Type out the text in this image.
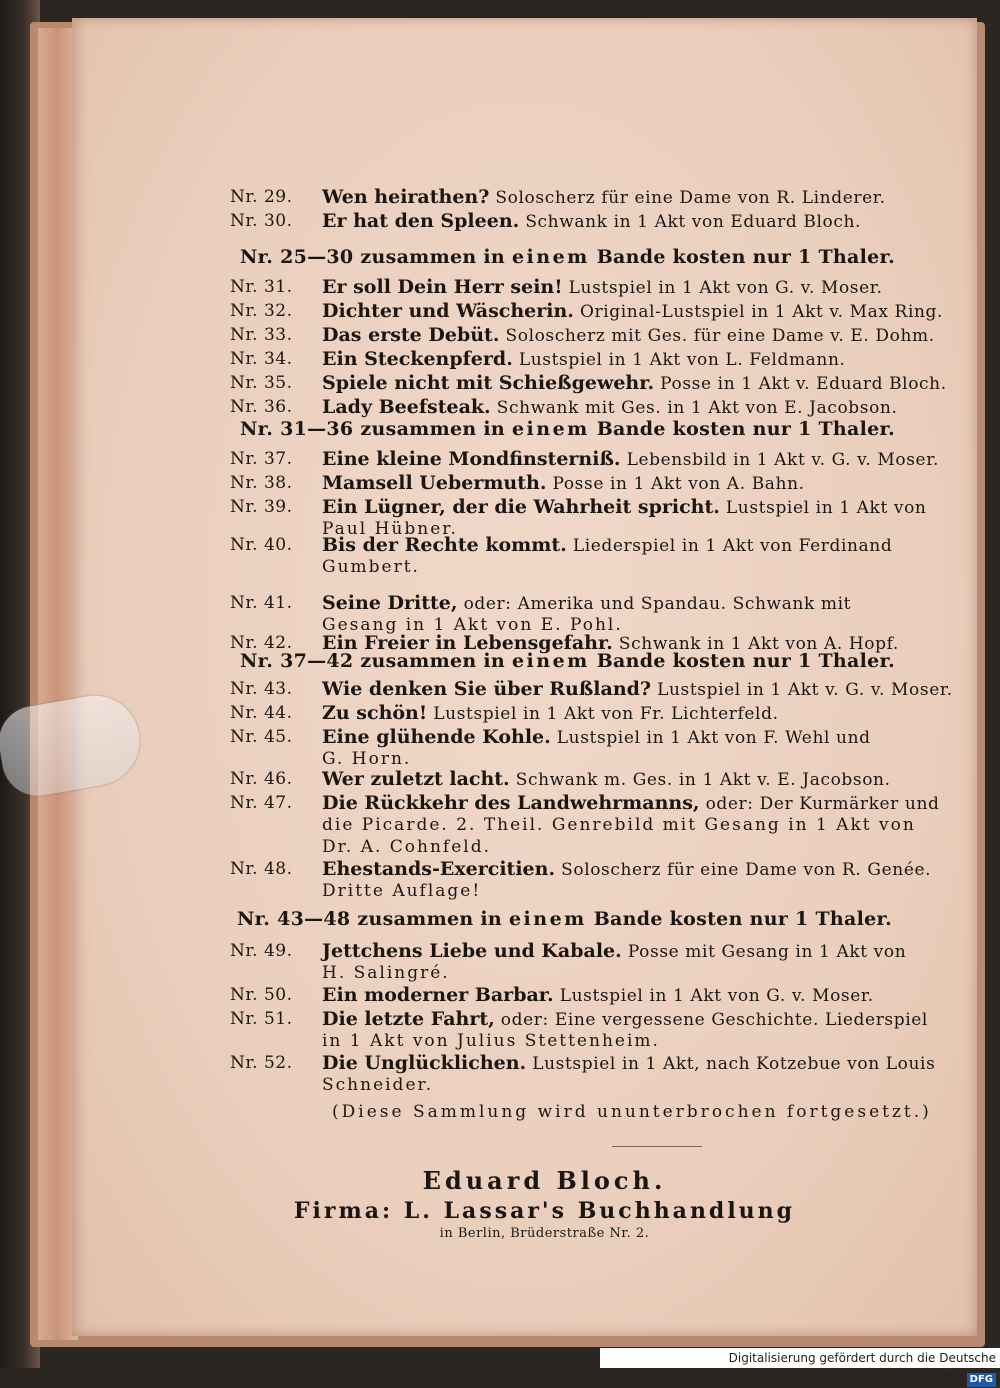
Nr. 29.	Wen heirathen? Soloscherz für eine Dame von R. Linderer.
Nr. 30.	Er hat den Spleen. Schwank in 1 Akt von Eduard Bloch.
Nr. 31.	Er soll Dein Herr sein! Lustspiel in 1 Akt von G. v. Moser.
Nr. 32.	Dichter und Wäscherin. Original-Lustspiel in 1 Akt v. Max Ring.
Nr. 33.	Das erste Debüt. Soloscherz mit Ges. für eine Dame v. E. Dohm.
Nr. 34.	Ein Steckenpferd. Lustspiel in 1 Akt von L. Feldmann.
Nr. 35.	Spiele nicht mit Schießgewehr. Posse in 1 Akt v. Eduard Bloch.
Nr. 36.	Lady Beefsteak. Schwank mit Ges. in 1 Akt von E. Jacobson.
Nr. 37.	Eine kleine Mondfinsterniß. Lebensbild in 1 Akt v. G. v. Moser.
Nr. 38.	Mamsell Uebermuth. Posse in 1 Akt von A. Bahn.
Nr. 39.	Ein Lügner, der die Wahrheit spricht. Lustspiel in 1 Akt von
Paul Hübner.
Nr. 40.	Bis der Rechte kommt. Liederspiel in 1 Akt von Ferdinand
Gumbert.
Nr. 41.	Seine Dritte, oder: Amerika und Spandau. Schwank mit
Gesang in 1 Akt von E. Pohl.
Nr. 42.	Ein Freier in Lebensgefahr. Schwank in 1 Akt von A. Hopf.
Nr. 43.	Wie denken Sie über Rußland? Lustspiel in 1 Akt v. G. v. Moser.
Nr. 44.	Zu schön! Lustspiel in 1 Akt von Fr. Lichterfeld.
Nr. 45.	Eine glühende Kohle. Lustspiel in 1 Akt von F. Wehl und
G. Horn.
Nr. 46.	Wer zuletzt lacht. Schwank m. Ges. in 1 Akt v. E. Jacobson.
Nr. 47.	Die Rückkehr des Landwehrmanns, oder: Der Kurmärker und
die Picarde. 2. Theil. Genrebild mit Gesang in 1 Akt von
Dr. A. Cohnfeld.
Nr. 48.	Ehestands-Exercitien. Soloscherz für eine Dame von R. Genée.
Dritte Auflage!
Nr. 49.	Jettchens Liebe und Kabale. Posse mit Gesang in 1 Akt von
H. Salingré.
Nr. 50.	Ein moderner Barbar. Lustspiel in 1 Akt von G. v. Moser.
Nr. 51.	Die letzte Fahrt, oder: Eine vergessene Geschichte. Liederspiel
in 1 Akt von Julius Stettenheim.
Nr. 52.	Die Unglücklichen. Lustspiel in 1 Akt, nach Kotzebue von Louis
Schneider.
Nr. 25—30 zusammen in einem Bande kosten nur 1 Thaler.
Nr. 31—36 zusammen in einem Bande kosten nur 1 Thaler.
Nr. 37—42 zusammen in einem Bande kosten nur 1 Thaler.
Nr. 43—48 zusammen in einem Bande kosten nur 1 Thaler.
(Diese Sammlung wird ununterbrochen fortgesetzt.)
Eduard Bloch.
Firma: L. Lassar's Buchhandlung
in Berlin, Brüderstraße Nr. 2.
Digitalisierung gefördert durch die Deutsche Forschungsgemeinschaft - DFG
